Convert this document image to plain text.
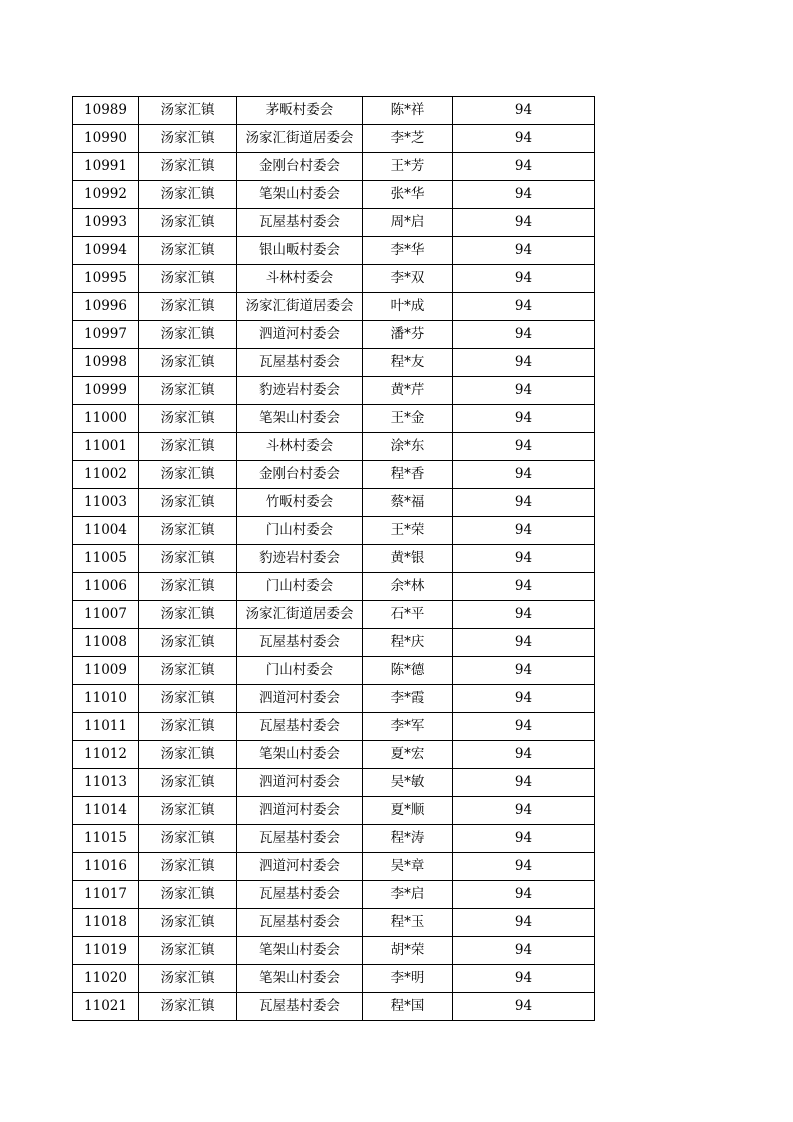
10989	汤家汇镇	茅畈村委会	陈*祥	94
10990	汤家汇镇	汤家汇街道居委会	李*芝	94
10991	汤家汇镇	金刚台村委会	王*芳	94
10992	汤家汇镇	笔架山村委会	张*华	94
10993	汤家汇镇	瓦屋基村委会	周*启	94
10994	汤家汇镇	银山畈村委会	李*华	94
10995	汤家汇镇	斗林村委会	李*双	94
10996	汤家汇镇	汤家汇街道居委会	叶*成	94
10997	汤家汇镇	泗道河村委会	潘*芬	94
10998	汤家汇镇	瓦屋基村委会	程*友	94
10999	汤家汇镇	豹迹岩村委会	黄*芹	94
11000	汤家汇镇	笔架山村委会	王*金	94
11001	汤家汇镇	斗林村委会	涂*东	94
11002	汤家汇镇	金刚台村委会	程*香	94
11003	汤家汇镇	竹畈村委会	蔡*福	94
11004	汤家汇镇	门山村委会	王*荣	94
11005	汤家汇镇	豹迹岩村委会	黄*银	94
11006	汤家汇镇	门山村委会	余*林	94
11007	汤家汇镇	汤家汇街道居委会	石*平	94
11008	汤家汇镇	瓦屋基村委会	程*庆	94
11009	汤家汇镇	门山村委会	陈*德	94
11010	汤家汇镇	泗道河村委会	李*霞	94
11011	汤家汇镇	瓦屋基村委会	李*军	94
11012	汤家汇镇	笔架山村委会	夏*宏	94
11013	汤家汇镇	泗道河村委会	吴*敏	94
11014	汤家汇镇	泗道河村委会	夏*顺	94
11015	汤家汇镇	瓦屋基村委会	程*涛	94
11016	汤家汇镇	泗道河村委会	吴*章	94
11017	汤家汇镇	瓦屋基村委会	李*启	94
11018	汤家汇镇	瓦屋基村委会	程*玉	94
11019	汤家汇镇	笔架山村委会	胡*荣	94
11020	汤家汇镇	笔架山村委会	李*明	94
11021	汤家汇镇	瓦屋基村委会	程*国	94
